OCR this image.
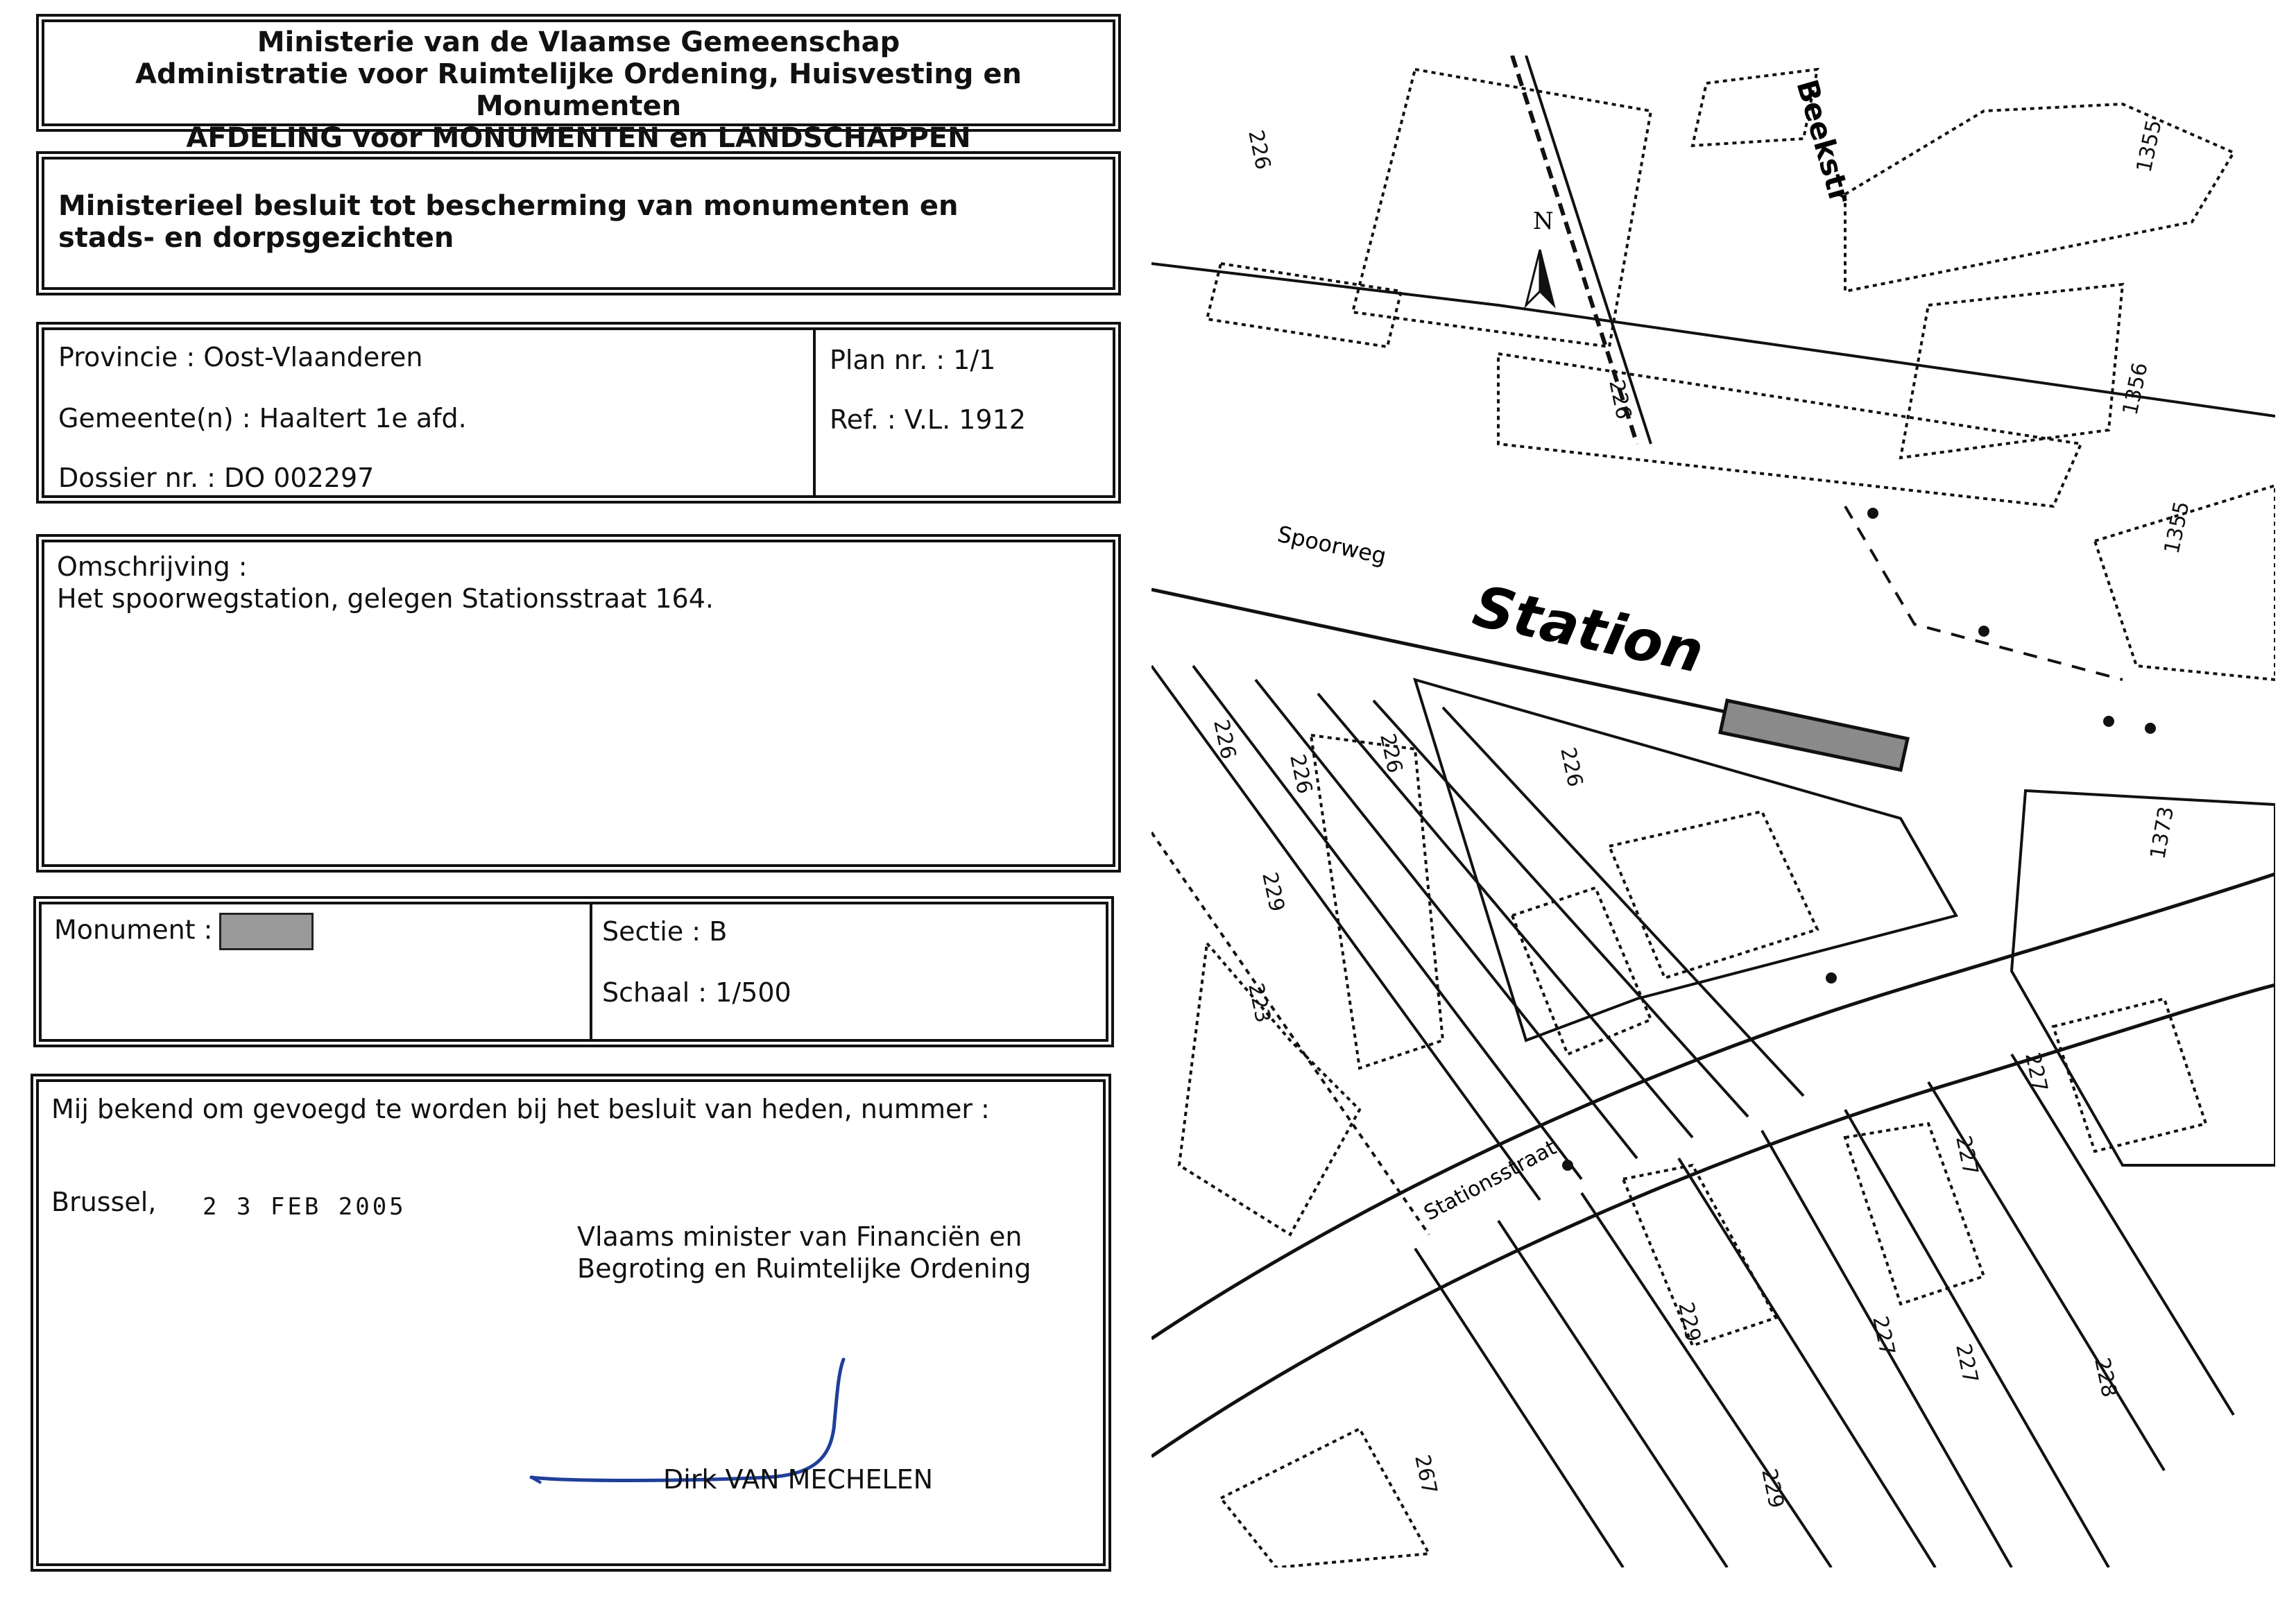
Ministerie van de Vlaamse Gemeenschap
Administratie voor Ruimtelijke Ordening, Huisvesting en Monumenten
AFDELING voor MONUMENTEN en LANDSCHAPPEN
Ministerieel besluit tot bescherming van monumenten en stads- en dorpsgezichten
Provincie : Oost-Vlaanderen
Gemeente(n) : Haaltert 1e afd.
Dossier nr. : DO 002297
Plan nr. : 1/1
Ref. : V.L. 1912
Omschrijving :
Het spoorwegstation, gelegen Stationsstraat 164.
Monument :	Sectie : B
Schaal : 1/500
Mij bekend om gevoegd te worden bij het besluit van heden, nummer :
Brussel, 2 3 FEB 2005
Vlaams minister van Financiën en
Begroting en Ruimtelijke Ordening
Dirk VAN MECHELEN
N
Spoorweg
Station
Stationsstraat
Beekstr
226
226	226	226
229
223
227
227
227
227
229
229
267
228
1373
1355
1356
1355
226
226
